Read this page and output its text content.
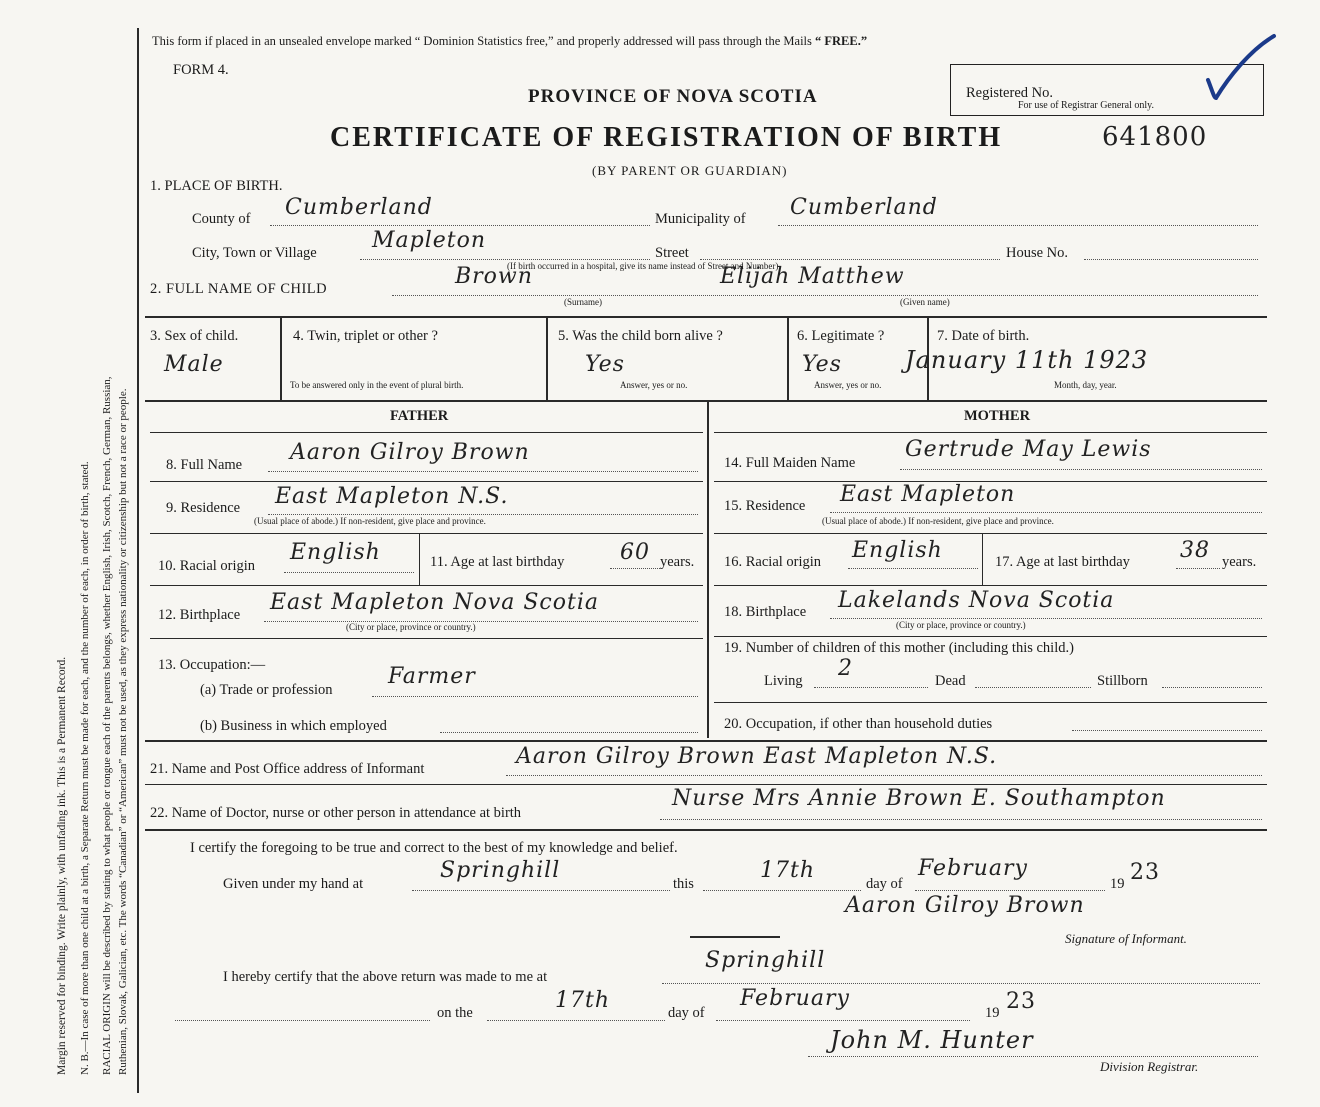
Margin reserved for binding. Write plainly, with unfading ink. This is a Permanent Record. N. B.—In case of more than one child at a birth, a Separate Return must be made for each, and the number of each, in order of birth, stated. RACIAL ORIGIN will be described by stating to what people or tongue each of the parents belongs, whether English, Irish, Scotch, French, German, Russian, Ruthenian, Slovak, Galician, etc. The words “Canadian” or “American” must not be used, as they express nationality or citizenship but not a race or people.
This form if placed in an unsealed envelope marked “ Dominion Statistics free,” and properly addressed will pass through the Mails “ FREE.”
FORM 4.
Registered No.
For use of Registrar General only.
PROVINCE OF NOVA SCOTIA
CERTIFICATE OF REGISTRATION OF BIRTH	641800
(BY PARENT OR GUARDIAN)
1. PLACE OF BIRTH.
County of Cumberland	Municipality of Cumberland
City, Town or Village	Mapleton	Street	House No.
(If birth occurred in a hospital, give its name instead of Street and Number)
2. FULL NAME OF CHILD	Brown	Elijah Matthew
(Surname)	(Given name)
3. Sex of child.
Male
4. Twin, triplet or other ?
To be answered only in the event of plural birth.
5. Was the child born alive ?
Yes
Answer, yes or no.
6. Legitimate ?
Yes
Answer, yes or no.
7. Date of birth.
January 11th 1923
Month, day, year.
FATHER	MOTHER
8. Full Name Aaron Gilroy Brown
9. Residence East Mapleton N.S.
(Usual place of abode.) If non-resident, give place and province.
10. Racial origin
English	11. Age at last birthday	60 years.
12. Birthplace East Mapleton Nova Scotia
(City or place, province or country.)
13. Occupation:—
(a) Trade or profession
Farmer
(b) Business in which employed
14. Full Maiden Name
Gertrude May Lewis
15. Residence East Mapleton
(Usual place of abode.) If non-resident, give place and province.
16. Racial origin English	17. Age at last birthday 38 years.
18. Birthplace Lakelands Nova Scotia
(City or place, province or country.)
19. Number of children of this mother (including this child.)
Living 2	Dead	Stillborn
20. Occupation, if other than household duties
21. Name and Post Office address of Informant	Aaron Gilroy Brown East Mapleton N.S.
22. Name of Doctor, nurse or other person in attendance at birth
Nurse Mrs Annie Brown E. Southampton
I certify the foregoing to be true and correct to the best of my knowledge and belief.
Given under my hand at
Springhill
this
17th
day of
February
19 23
Aaron Gilroy Brown
Signature of Informant.
I hereby certify that the above return was made to me at
Springhill
on the	17th	day of
February
19 23
John M. Hunter
Division Registrar.
